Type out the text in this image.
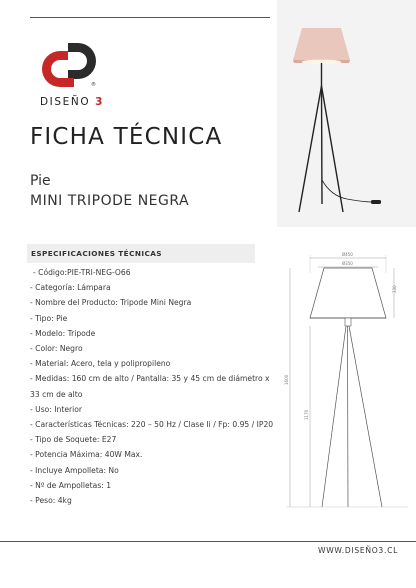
®
DISEÑO 3
FICHA TÉCNICA
Pie
MINI TRIPODE NEGRA
ESPECIFICACIONES TÉCNICAS
- Código:PIE-TRI-NEG-O66
- Categoría: Lámpara
- Nombre del Producto: Tripode Mini Negra
- Tipo: Pie
- Modelo: Tripode
- Color: Negro
- Material: Acero, tela y polipropileno
- Medidas: 160 cm de alto / Pantalla: 35 y 45 cm de diámetro x 33 cm de alto
- Uso: Interior
- Características Técnicas: 220 – 50 Hz / Clase Ii / Fp: 0.95 / IP20
- Tipo de Soquete: E27
- Potencia Máxima: 40W Max.
- Incluye Ampolleta: No
- Nº de Ampolletas: 1
- Peso: 4kg
Ø450
Ø350
330
1600
1170
WWW.DISEÑO3.CL
